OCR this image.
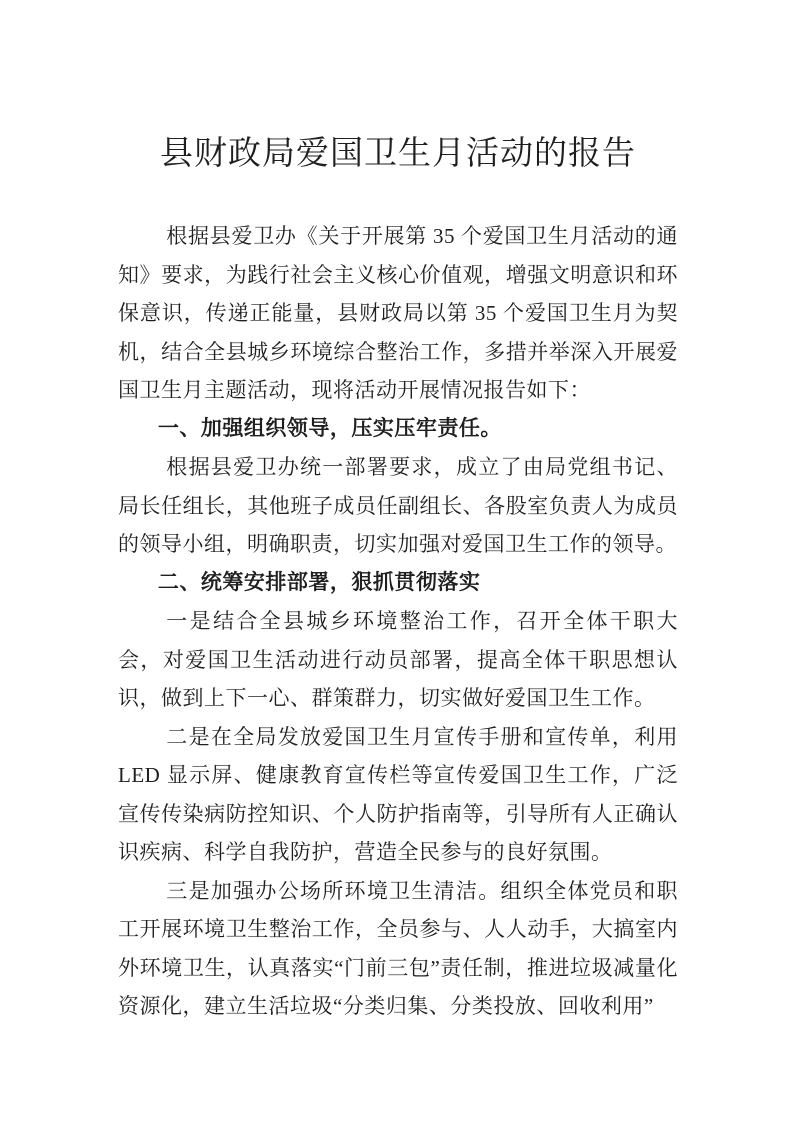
县财政局爱国卫生月活动的报告

根据县爱卫办《关于开展第 35 个爱国卫生月活动的通知》要求，为践行社会主义核心价值观，增强文明意识和环保意识，传递正能量，县财政局以第 35 个爱国卫生月为契机，结合全县城乡环境综合整治工作，多措并举深入开展爱国卫生月主题活动，现将活动开展情况报告如下：

一、加强组织领导，压实压牢责任。

根据县爱卫办统一部署要求，成立了由局党组书记、局长任组长，其他班子成员任副组长、各股室负责人为成员的领导小组，明确职责，切实加强对爱国卫生工作的领导。

二、统筹安排部署，狠抓贯彻落实

一是结合全县城乡环境整治工作，召开全体干职大会，对爱国卫生活动进行动员部署，提高全体干职思想认识，做到上下一心、群策群力，切实做好爱国卫生工作。

二是在全局发放爱国卫生月宣传手册和宣传单，利用 LED 显示屏、健康教育宣传栏等宣传爱国卫生工作，广泛宣传传染病防控知识、个人防护指南等，引导所有人正确认识疾病、科学自我防护，营造全民参与的良好氛围。

三是加强办公场所环境卫生清洁。组织全体党员和职工开展环境卫生整治工作，全员参与、人人动手，大搞室内外环境卫生，认真落实“门前三包”责任制，推进垃圾减量化资源化，建立生活垃圾“分类归集、分类投放、回收利用”
